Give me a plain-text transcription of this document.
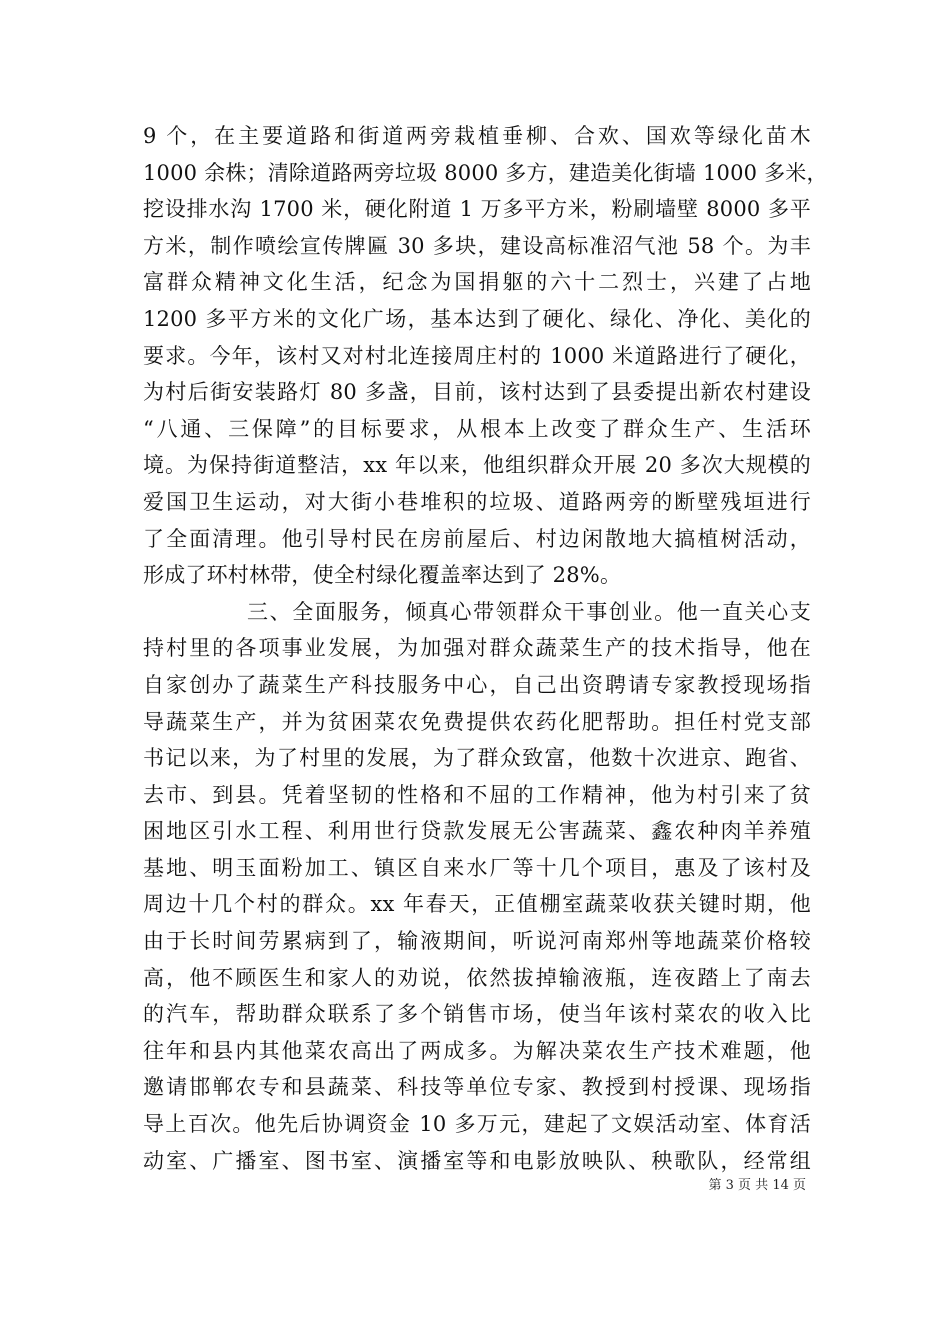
9 个，在主要道路和街道两旁栽植垂柳、合欢、国欢等绿化苗木
1000 余株；清除道路两旁垃圾 8000 多方，建造美化街墙 1000 多米，
挖设排水沟 1700 米，硬化附道 1 万多平方米，粉刷墙壁 8000 多平
方米，制作喷绘宣传牌匾 30 多块，建设高标准沼气池 58 个。为丰
富群众精神文化生活，纪念为国捐躯的六十二烈士，兴建了占地
1200 多平方米的文化广场，基本达到了硬化、绿化、净化、美化的
要求。今年，该村又对村北连接周庄村的 1000 米道路进行了硬化，
为村后街安装路灯 80 多盏，目前，该村达到了县委提出新农村建设
“八通、三保障”的目标要求，从根本上改变了群众生产、生活环
境。为保持街道整洁，xx 年以来，他组织群众开展 20 多次大规模的
爱国卫生运动，对大街小巷堆积的垃圾、道路两旁的断壁残垣进行
了全面清理。他引导村民在房前屋后、村边闲散地大搞植树活动，
形成了环村林带，使全村绿化覆盖率达到了 28%。
三、全面服务，倾真心带领群众干事创业。他一直关心支
持村里的各项事业发展，为加强对群众蔬菜生产的技术指导，他在
自家创办了蔬菜生产科技服务中心，自己出资聘请专家教授现场指
导蔬菜生产，并为贫困菜农免费提供农药化肥帮助。担任村党支部
书记以来，为了村里的发展，为了群众致富，他数十次进京、跑省、
去市、到县。凭着坚韧的性格和不屈的工作精神，他为村引来了贫
困地区引水工程、利用世行贷款发展无公害蔬菜、鑫农种肉羊养殖
基地、明玉面粉加工、镇区自来水厂等十几个项目，惠及了该村及
周边十几个村的群众。xx 年春天，正值棚室蔬菜收获关键时期，他
由于长时间劳累病到了，输液期间，听说河南郑州等地蔬菜价格较
高，他不顾医生和家人的劝说，依然拔掉输液瓶，连夜踏上了南去
的汽车，帮助群众联系了多个销售市场，使当年该村菜农的收入比
往年和县内其他菜农高出了两成多。为解决菜农生产技术难题，他
邀请邯郸农专和县蔬菜、科技等单位专家、教授到村授课、现场指
导上百次。他先后协调资金 10 多万元，建起了文娱活动室、体育活
动室、广播室、图书室、演播室等和电影放映队、秧歌队，经常组
第 3 页 共 14 页
